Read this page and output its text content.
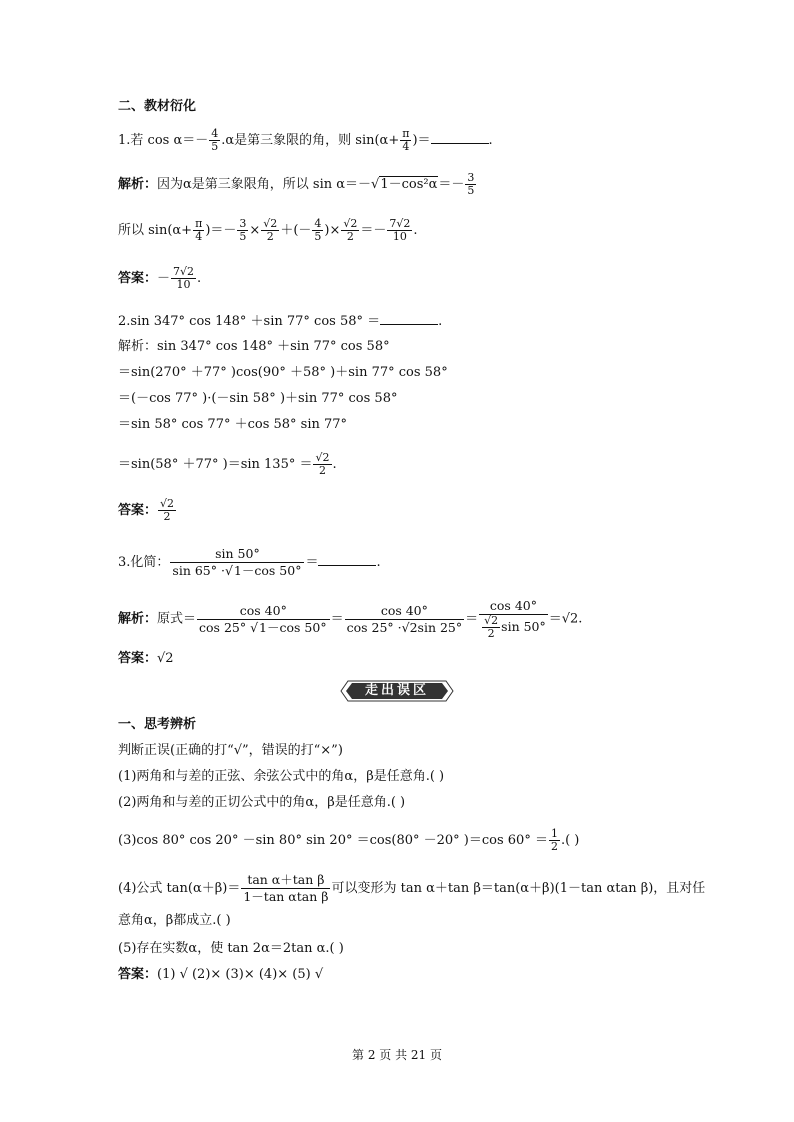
二、教材衍化
1.若 $\cos \alpha=- \frac{4}{5} .\alpha$是第三象限的角，则 $\sin(\alpha+ \frac{\pi}{4}$ )＝	.
解析：因为α是第三象限角，所以 $\sin \alpha=-√1-\cos^2\alpha=- \frac{3}{5}$
所以 $\sin(\alpha+ \frac{\pi}{4}$ )＝－ $\frac{3}{5} \times \frac{√2}{2}$ ＋(－ $\frac{4}{5}$ )× $\frac{√2}{2} =- \frac{7√2}{10}$ .
答案：－ $\frac{7√2}{10}$ .
2.sin 347° cos 148° ＋sin 77° cos 58° ＝	.
解析：sin 347° cos 148° ＋sin 77° cos 58°
＝sin(270° ＋77° )cos(90° ＋58° )＋sin 77° cos 58°
＝(－cos 77° )·(－sin 58° )＋sin 77° cos 58°
＝sin 58° cos 77° ＋cos 58° sin 77°
＝sin(58° ＋77° )＝sin $135^\circ = \frac{√2}{2}$ .
答案： $\frac{√2}{2}$
3.化简： $\frac{\sin 50^\circ}{\sin 65^\circ \cdot√1-\cos 50^\circ}$ ＝	.
解析：原式＝ $\frac{\cos 40^\circ}{\cos 25^\circ √1-\cos 50^\circ} = \frac{\cos 40^\circ}{\cos 25^\circ \cdot√2\sin 25^\circ} = \frac{\cos 40^\circ}{\frac{√2}{2} \sin 50^\circ} =√2$.
答案：√2
走出误区
一、思考辨析
判断正误(正确的打“√”，错误的打“×”)
(1)两角和与差的正弦、余弦公式中的角α，β是任意角.( )
(2)两角和与差的正切公式中的角α，β是任意角.( )
(3)cos 80° cos 20° －sin 80° sin 20° ＝cos(80° －20° )＝cos $60^\circ = \frac{1}{2}$ .( )
(4)公式 $\tan(\alpha+\beta)= \frac{\text{tan α＋tan β}}{\text{1－tan αtan β}}$ 可以变形为 tan α＋tan β＝tan(α＋β)(1－tan αtan β)，且对任
意角α，β都成立.( )
(5)存在实数α，使 tan 2α＝2tan α.( )
答案：(1) √ (2)× (3)× (4)× (5) √
第 2 页 共 21 页
